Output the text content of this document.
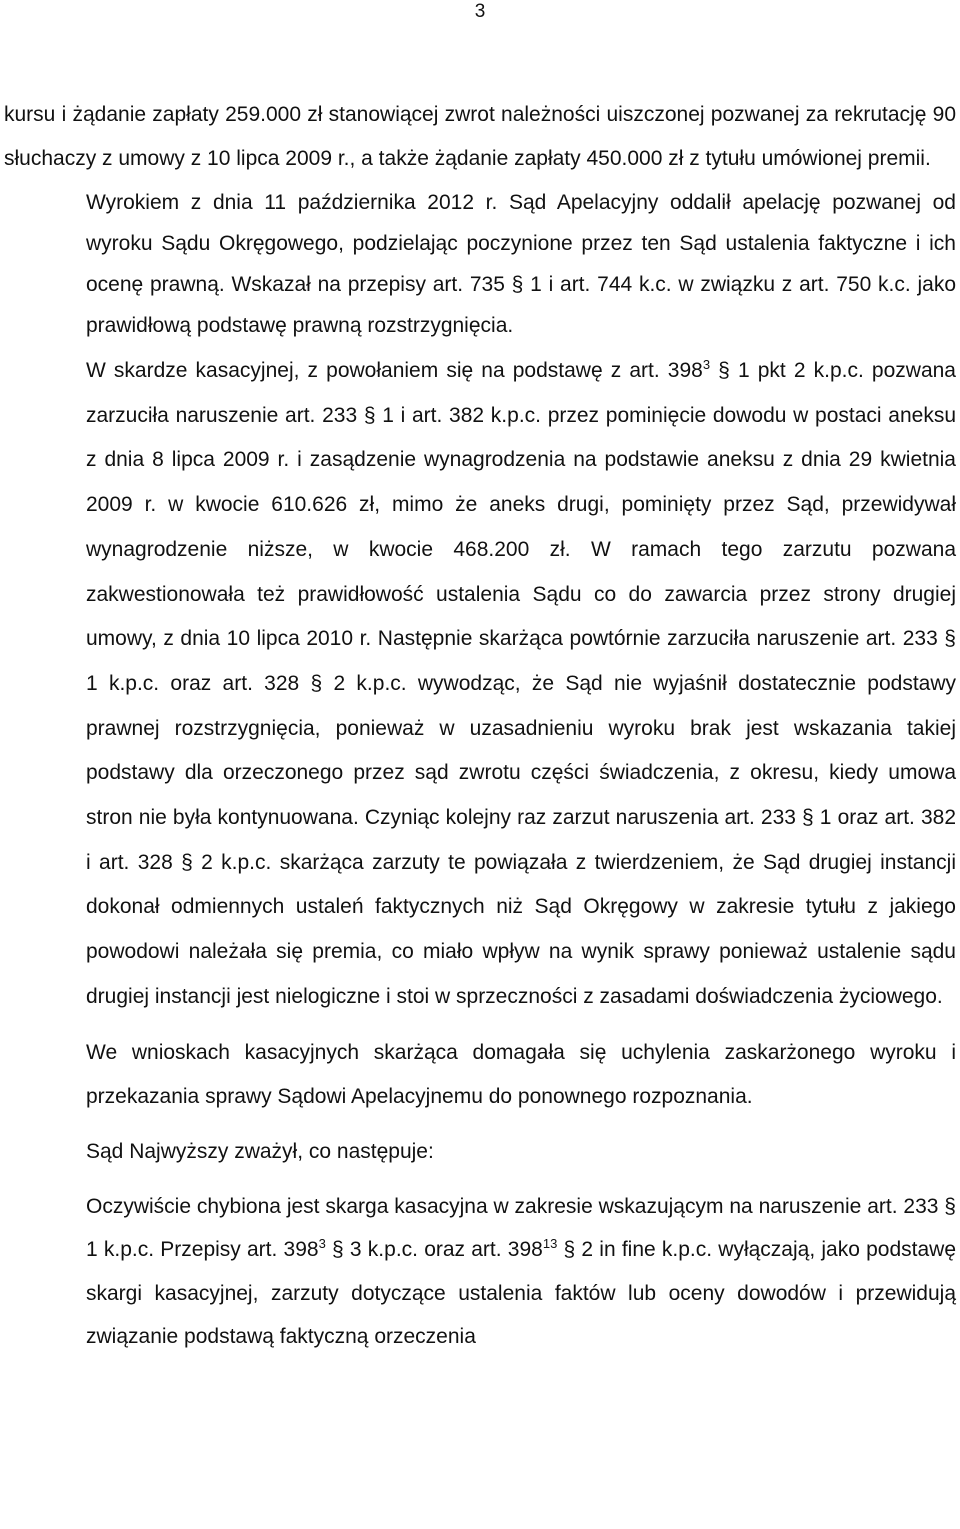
3

kursu i żądanie zapłaty 259.000 zł stanowiącej zwrot należności uiszczonej pozwanej za rekrutację 90 słuchaczy z umowy z 10 lipca 2009 r., a także żądanie zapłaty 450.000 zł z tytułu umówionej premii.

Wyrokiem z dnia 11 października 2012 r. Sąd Apelacyjny oddalił apelację pozwanej od wyroku Sądu Okręgowego, podzielając poczynione przez ten Sąd ustalenia faktyczne i ich ocenę prawną. Wskazał na przepisy art. 735 § 1 i art. 744 k.c. w związku z art. 750 k.c. jako prawidłową podstawę prawną rozstrzygnięcia.

W skardze kasacyjnej, z powołaniem się na podstawę z art. $398^3$ § 1 pkt 2 k.p.c. pozwana zarzuciła naruszenie art. 233 § 1 i art. 382 k.p.c. przez pominięcie dowodu w postaci aneksu z dnia 8 lipca 2009 r. i zasądzenie wynagrodzenia na podstawie aneksu z dnia 29 kwietnia 2009 r. w kwocie 610.626 zł, mimo że aneks drugi, pominięty przez Sąd, przewidywał wynagrodzenie niższe, w kwocie 468.200 zł. W ramach tego zarzutu pozwana zakwestionowała też prawidłowość ustalenia Sądu co do zawarcia przez strony drugiej umowy, z dnia 10 lipca 2010 r. Następnie skarżąca powtórnie zarzuciła naruszenie art. 233 § 1 k.p.c. oraz art. 328 § 2 k.p.c. wywodząc, że Sąd nie wyjaśnił dostatecznie podstawy prawnej rozstrzygnięcia, ponieważ w uzasadnieniu wyroku brak jest wskazania takiej podstawy dla orzeczonego przez sąd zwrotu części świadczenia, z okresu, kiedy umowa stron nie była kontynuowana. Czyniąc kolejny raz zarzut naruszenia art. 233 § 1 oraz art. 382 i art. 328 § 2 k.p.c. skarżąca zarzuty te powiązała z twierdzeniem, że Sąd drugiej instancji dokonał odmiennych ustaleń faktycznych niż Sąd Okręgowy w zakresie tytułu z jakiego powodowi należała się premia, co miało wpływ na wynik sprawy ponieważ ustalenie sądu drugiej instancji jest nielogiczne i stoi w sprzeczności z zasadami doświadczenia życiowego.

We wnioskach kasacyjnych skarżąca domagała się uchylenia zaskarżonego wyroku i przekazania sprawy Sądowi Apelacyjnemu do ponownego rozpoznania.

Sąd Najwyższy zważył, co następuje:

Oczywiście chybiona jest skarga kasacyjna w zakresie wskazującym na naruszenie art. 233 § 1 k.p.c. Przepisy art. $398^3$ § 3 k.p.c. oraz art. $398^{13}$ § 2 in fine k.p.c. wyłączają, jako podstawę skargi kasacyjnej, zarzuty dotyczące ustalenia faktów lub oceny dowodów i przewidują związanie podstawą faktyczną orzeczenia
